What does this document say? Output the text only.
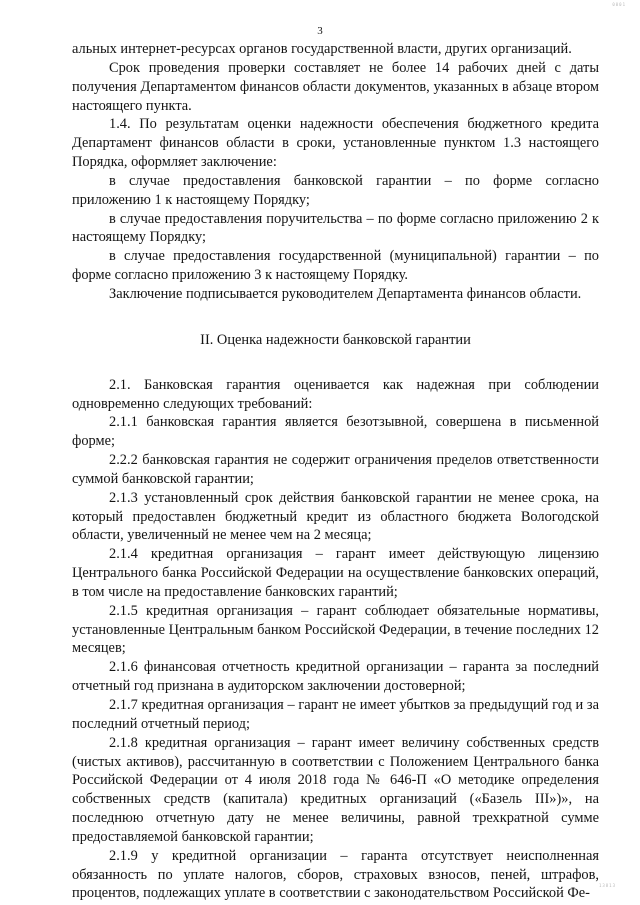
0001
3

альных интернет-ресурсах органов государственной власти, других организаций.

Срок проведения проверки составляет не более 14 рабочих дней с даты получения Департаментом финансов области документов, указанных в абзаце втором настоящего пункта.

1.4. По результатам оценки надежности обеспечения бюджетного кредита Департамент финансов области в сроки, установленные пунктом 1.3 настоящего Порядка, оформляет заключение:

в случае предоставления банковской гарантии – по форме согласно приложению 1 к настоящему Порядку;

в случае предоставления поручительства – по форме согласно приложению 2 к настоящему Порядку;

в случае предоставления государственной (муниципальной) гарантии – по форме согласно приложению 3 к настоящему Порядку.

Заключение подписывается руководителем Департамента финансов области.

II. Оценка надежности банковской гарантии

2.1. Банковская гарантия оценивается как надежная при соблюдении одновременно следующих требований:

2.1.1 банковская гарантия является безотзывной, совершена в письменной форме;

2.2.2 банковская гарантия не содержит ограничения пределов ответственности суммой банковской гарантии;

2.1.3 установленный срок действия банковской гарантии не менее срока, на который предоставлен бюджетный кредит из областного бюджета Вологодской области, увеличенный не менее чем на 2 месяца;

2.1.4 кредитная организация – гарант имеет действующую лицензию Центрального банка Российской Федерации на осуществление банковских операций, в том числе на предоставление банковских гарантий;

2.1.5 кредитная организация – гарант соблюдает обязательные нормативы, установленные Центральным банком Российской Федерации, в течение последних 12 месяцев;

2.1.6 финансовая отчетность кредитной организации – гаранта за последний отчетный год признана в аудиторском заключении достоверной;

2.1.7 кредитная организация – гарант не имеет убытков за предыдущий год и за последний отчетный период;

2.1.8 кредитная организация – гарант имеет величину собственных средств (чистых активов), рассчитанную в соответствии с Положением Центрального банка Российской Федерации от 4 июля 2018 года № 646-П «О методике определения собственных средств (капитала) кредитных организаций («Базель III»)», на последнюю отчетную дату не менее величины, равной трехкратной сумме предоставляемой банковской гарантии;

2.1.9 у кредитной организации – гаранта отсутствует неисполненная обязанность по уплате налогов, сборов, страховых взносов, пеней, штрафов, процентов, подлежащих уплате в соответствии с законодательством Российской Фе-	13813
